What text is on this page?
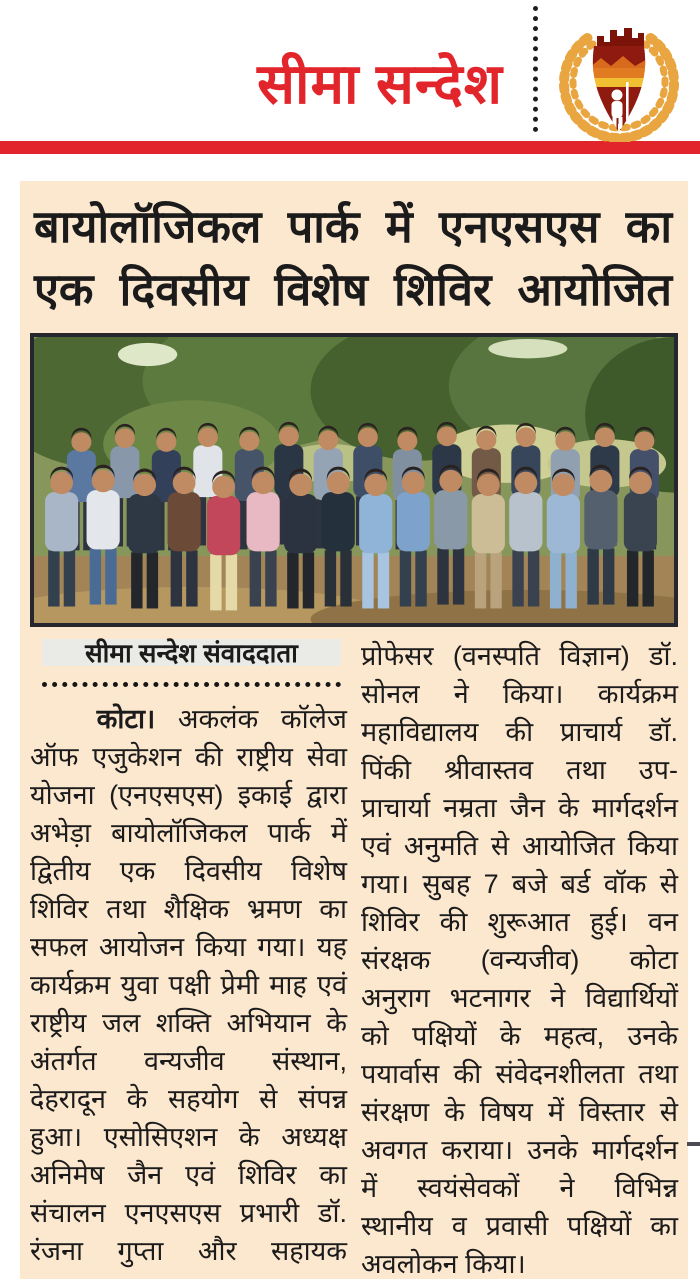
सीमा सन्देश
बायोलॉजिकल पार्क में एनएसएस का
एक दिवसीय विशेष शिविर आयोजित
सीमा सन्देश संवाददाता
कोटा। अकलंक कॉलेज
ऑफ एजुकेशन की राष्ट्रीय सेवा
योजना (एनएसएस) इकाई द्वारा
अभेड़ा बायोलॉजिकल पार्क में
द्वितीय एक दिवसीय विशेष
शिविर तथा शैक्षिक भ्रमण का
सफल आयोजन किया गया। यह
कार्यक्रम युवा पक्षी प्रेमी माह एवं
राष्ट्रीय जल शक्ति अभियान के
अंतर्गत वन्यजीव संस्थान,
देहरादून के सहयोग से संपन्न
हुआ। एसोसिएशन के अध्यक्ष
अनिमेष जैन एवं शिविर का
संचालन एनएसएस प्रभारी डॉ.
रंजना गुप्ता और सहायक
प्रोफेसर (वनस्पति विज्ञान) डॉ.
सोनल ने किया। कार्यक्रम
महाविद्यालय की प्राचार्य डॉ.
पिंकी श्रीवास्तव तथा उप-
प्राचार्या नम्रता जैन के मार्गदर्शन
एवं अनुमति से आयोजित किया
गया। सुबह 7 बजे बर्ड वॉक से
शिविर की शुरूआत हुई। वन
संरक्षक (वन्यजीव) कोटा
अनुराग भटनागर ने विद्यार्थियों
को पक्षियों के महत्व, उनके
पयार्वास की संवेदनशीलता तथा
संरक्षण के विषय में विस्तार से
अवगत कराया। उनके मार्गदर्शन
में स्वयंसेवकों ने विभिन्न
स्थानीय व प्रवासी पक्षियों का
अवलोकन किया।
